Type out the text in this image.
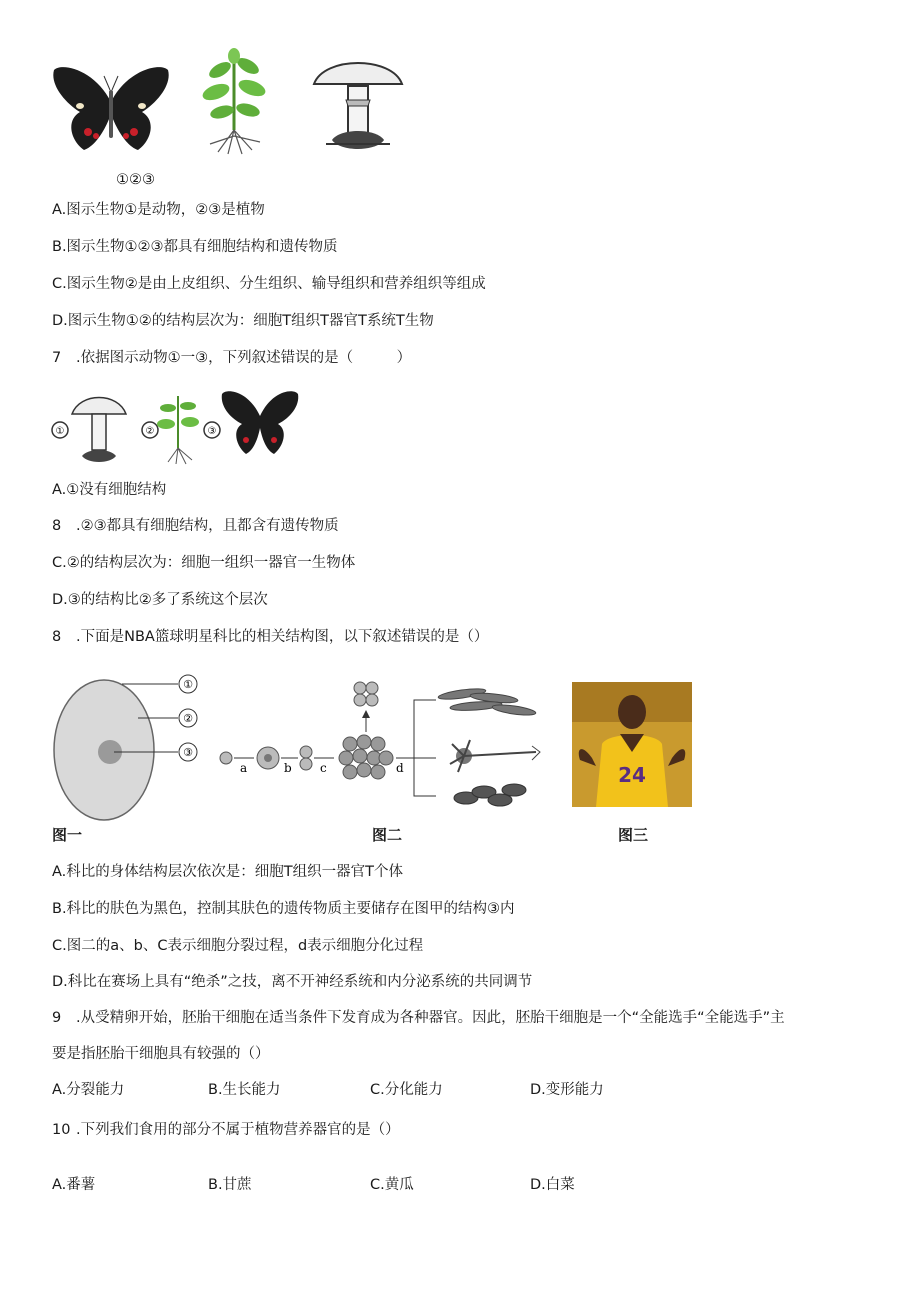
①②③
A.图示生物①是动物，②③是植物
B.图示生物①②③都具有细胞结构和遗传物质
C.图示生物②是由上皮组织、分生组织、输导组织和营养组织等组成
D.图示生物①②的结构层次为：细胞T组织T器官T系统T生物
7 .依据图示动物①一③，下列叙述错误的是（　　　）
①	②	③
A.①没有细胞结构
8 .②③都具有细胞结构，且都含有遗传物质
C.②的结构层次为：细胞一组织一器官一生物体
D.③的结构比②多了系统这个层次
8 .下面是NBA篮球明星科比的相关结构图，以下叙述错误的是（）
①
②
③
a	b c	d	24
图一	图二	图三
A.科比的身体结构层次依次是：细胞T组织一器官T个体
B.科比的肤色为黑色，控制其肤色的遗传物质主要储存在图甲的结构③内
C.图二的a、b、C表示细胞分裂过程，d表示细胞分化过程
D.科比在赛场上具有“绝杀”之技，离不开神经系统和内分泌系统的共同调节
9 .从受精卵开始，胚胎干细胞在适当条件下发育成为各种器官。因此，胚胎干细胞是一个“全能选手“全能选手”主
要是指胚胎干细胞具有较强的（）
A.分裂能力	B.生长能力	C.分化能力	D.变形能力
10 .下列我们食用的部分不属于植物营养器官的是（）
A.番薯	B.甘蔗	C.黄瓜	D.白菜
